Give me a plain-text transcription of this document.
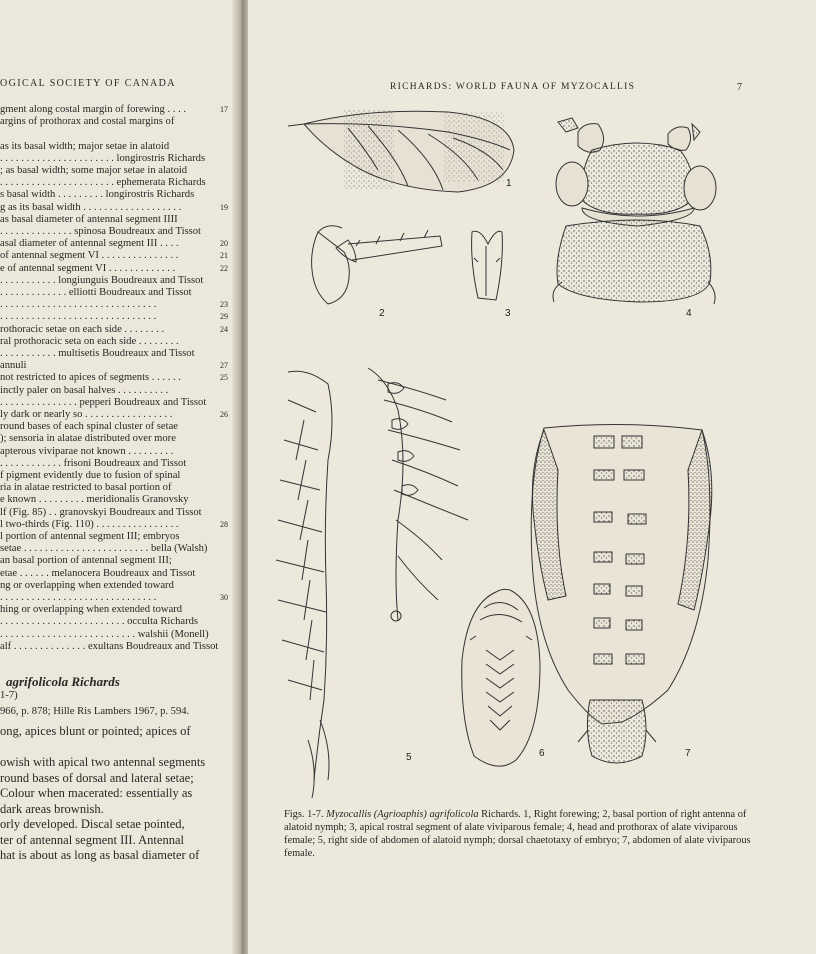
OGICAL SOCIETY OF CANADA
gment along costal margin of forewing . . . .	17
argins of prothorax and costal margins of
as its basal width; major setae in alatoid
. . . . . . . . . . . . . . . . . . . . . . longirostris Richards
; as basal width; some major setae in alatoid
. . . . . . . . . . . . . . . . . . . . . . ephemerata Richards
s basal width . . . . . . . . . longirostris Richards
g as its basal width . . . . . . . . . . . . . . . . . . .	19
as basal diameter of antennal segment IIII
. . . . . . . . . . . . . . spinosa Boudreaux and Tissot
asal diameter of antennal segment III . . . .	20
of antennal segment VI . . . . . . . . . . . . . . .	21
e of antennal segment VI . . . . . . . . . . . . .	22
. . . . . . . . . . . longiunguis Boudreaux and Tissot
. . . . . . . . . . . . . elliotti Boudreaux and Tissot
. . . . . . . . . . . . . . . . . . . . . . . . . . . . . .	23
. . . . . . . . . . . . . . . . . . . . . . . . . . . . . .	29
rothoracic setae on each side . . . . . . . .	24
ral prothoracic seta on each side . . . . . . . .
. . . . . . . . . . . multisetis Boudreaux and Tissot
annuli	27
not restricted to apices of segments . . . . . .	25
inctly paler on basal halves . . . . . . . . . .
. . . . . . . . . . . . . . . pepperi Boudreaux and Tissot
ly dark or nearly so . . . . . . . . . . . . . . . . .	26
round bases of each spinal cluster of setae
); sensoria in alatae distributed over more
apterous viviparae not known . . . . . . . . .
. . . . . . . . . . . . frisoni Boudreaux and Tissot
f pigment evidently due to fusion of spinal
ria in alatae restricted to basal portion of
e known . . . . . . . . . meridionalis Granovsky
lf (Fig. 85) . . granovskyi Boudreaux and Tissot
l two-thirds (Fig. 110) . . . . . . . . . . . . . . . .	28
l portion of antennal segment III; embryos
setae . . . . . . . . . . . . . . . . . . . . . . . . bella (Walsh)
an basal portion of antennal segment III;
etae . . . . . . melanocera Boudreaux and Tissot
ng or overlapping when extended toward
. . . . . . . . . . . . . . . . . . . . . . . . . . . . . .	30
hing or overlapping when extended toward
. . . . . . . . . . . . . . . . . . . . . . . . occulta Richards
. . . . . . . . . . . . . . . . . . . . . . . . . . walshii (Monell)
alf . . . . . . . . . . . . . . exultans Boudreaux and Tissot
agrifolicola Richards
1-7)
966, p. 878; Hille Ris Lambers 1967, p. 594.
ong, apices blunt or pointed; apices of
owish with apical two antennal segments
round bases of dorsal and lateral setae;
Colour when macerated: essentially as
dark areas brownish.
orly developed. Discal setae pointed,
ter of antennal segment III. Antennal
hat is about as long as basal diameter of
RICHARDS: WORLD FAUNA OF MYZOCALLIS	7
1
2	3	4
5	6	7
Figs. 1-7. Myzocallis (Agrioaphis) agrifolicola Richards. 1, Right forewing; 2, basal portion of right antenna of alatoid nymph; 3, apical rostral segment of alate viviparous female; 4, head and prothorax of alate viviparous female; 5, right side of abdomen of alatoid nymph; dorsal chaetotaxy of embryo; 7, abdomen of alate viviparous female.
